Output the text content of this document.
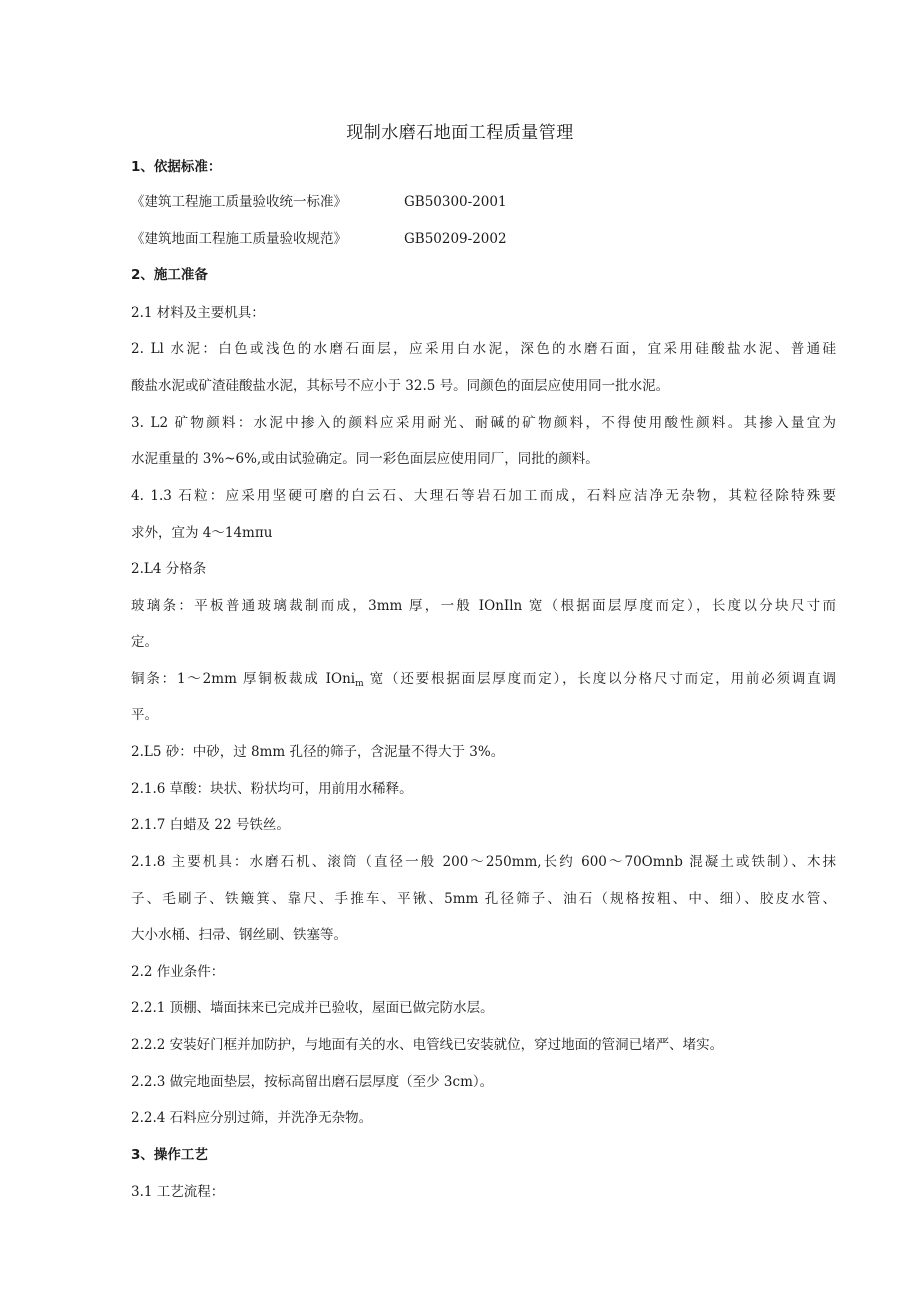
现制水磨石地面工程质量管理
1、依据标准：
《建筑工程施工质量验收统一标准》	GB50300-2001
《建筑地面工程施工质量验收规范》	GB50209-2002
2、施工准备
2.1 材料及主要机具：
2. Ll 水泥：白色或浅色的水磨石面层，应采用白水泥，深色的水磨石面，宜采用硅酸盐水泥、普通硅
酸盐水泥或矿渣硅酸盐水泥，其标号不应小于 32.5 号。同颜色的面层应使用同一批水泥。
3. L2 矿物颜料：水泥中掺入的颜料应采用耐光、耐碱的矿物颜料，不得使用酸性颜料。其掺入量宜为
水泥重量的 3%~6%,或由试验确定。同一彩色面层应使用同厂，同批的颜料。
4. 1.3 石粒：应采用坚硬可磨的白云石、大理石等岩石加工而成，石料应洁净无杂物，其粒径除特殊要
求外，宜为 4～14mπu
2.L4 分格条
玻璃条：平板普通玻璃裁制而成，3mm 厚，一般 IOnIln 宽（根据面层厚度而定），长度以分块尺寸而
定。
铜条：1～2mm 厚铜板裁成 IOni$_m$ 宽（还要根据面层厚度而定），长度以分格尺寸而定，用前必须调直调
平。
2.L5 砂：中砂，过 8mm 孔径的筛子，含泥量不得大于 3%。
2.1.6 草酸：块状、粉状均可，用前用水稀释。
2.1.7 白蜡及 22 号铁丝。
2.1.8 主要机具：水磨石机、滚筒（直径一般 200～250mm,长约 600～70Omnb 混凝土或铁制）、木抹
子、毛刷子、铁簸箕、靠尺、手推车、平锹、5mm 孔径筛子、油石（规格按粗、中、细）、胶皮水管、
大小水桶、扫帚、钢丝刷、铁塞等。
2.2 作业条件：
2.2.1 顶棚、墙面抹来已完成并已验收，屋面已做完防水层。
2.2.2 安装好门框并加防护，与地面有关的水、电管线已安装就位，穿过地面的管洞已堵严、堵实。
2.2.3 做完地面垫层，按标高留出磨石层厚度（至少 3cm）。
2.2.4 石料应分别过筛，并洗净无杂物。
3、操作工艺
3.1 工艺流程：
